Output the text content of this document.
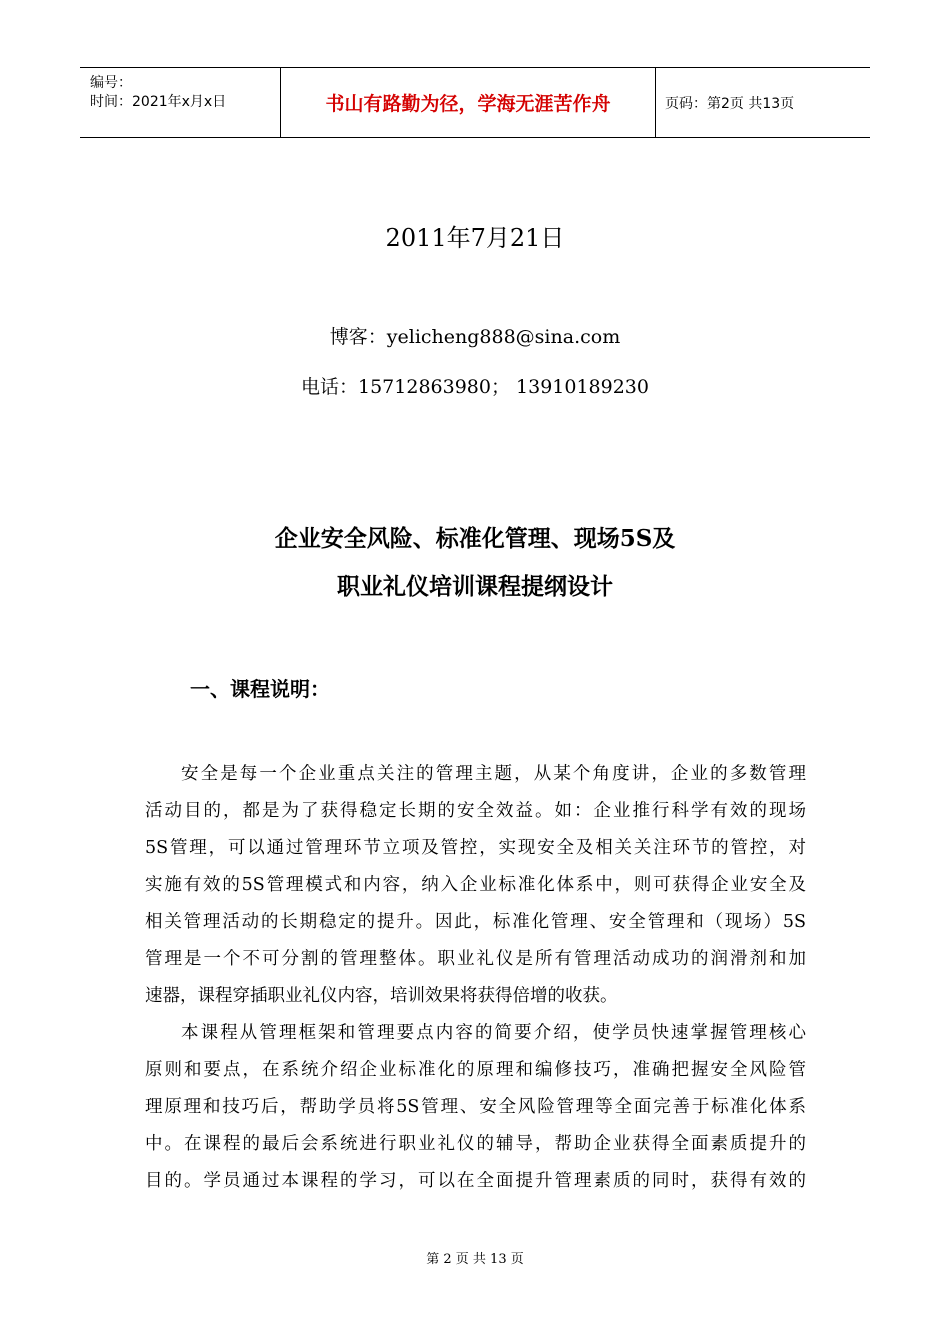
编号：
时间：2021年x月x日	书山有路勤为径，学海无涯苦作舟	页码：第2页 共13页
2011年7月21日
博客：yelicheng888@sina.com
电话：15712863980； 13910189230
企业安全风险、标准化管理、现场5S及
职业礼仪培训课程提纲设计
一、课程说明：
安全是每一个企业重点关注的管理主题，从某个角度讲，企业的多数管理
活动目的，都是为了获得稳定长期的安全效益。如：企业推行科学有效的现场
5S管理，可以通过管理环节立项及管控，实现安全及相关关注环节的管控，对
实施有效的5S管理模式和内容，纳入企业标准化体系中，则可获得企业安全及
相关管理活动的长期稳定的提升。因此，标准化管理、安全管理和（现场）5S
管理是一个不可分割的管理整体。职业礼仪是所有管理活动成功的润滑剂和加
速器，课程穿插职业礼仪内容，培训效果将获得倍增的收获。
本课程从管理框架和管理要点内容的简要介绍，使学员快速掌握管理核心
原则和要点，在系统介绍企业标准化的原理和编修技巧，准确把握安全风险管
理原理和技巧后，帮助学员将5S管理、安全风险管理等全面完善于标准化体系
中。在课程的最后会系统进行职业礼仪的辅导，帮助企业获得全面素质提升的
目的。学员通过本课程的学习，可以在全面提升管理素质的同时，获得有效的
第 2 页 共 13 页
